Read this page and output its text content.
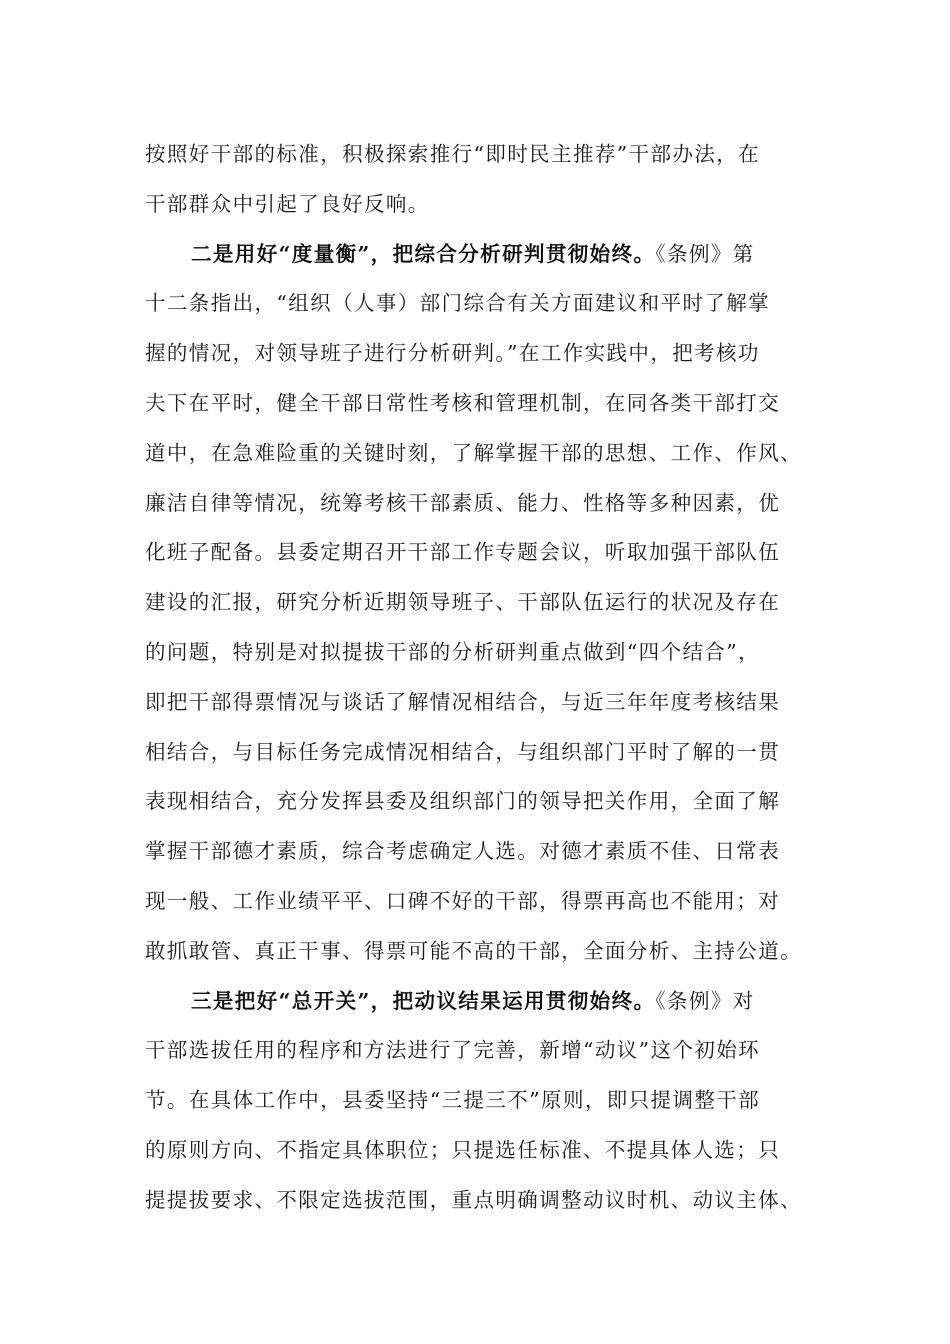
按照好干部的标准，积极探索推行“即时民主推荐”干部办法，在
干部群众中引起了良好反响。
二是用好“度量衡”，把综合分析研判贯彻始终。《条例》第
十二条指出，“组织（人事）部门综合有关方面建议和平时了解掌
握的情况，对领导班子进行分析研判。”在工作实践中，把考核功
夫下在平时，健全干部日常性考核和管理机制，在同各类干部打交
道中，在急难险重的关键时刻，了解掌握干部的思想、工作、作风、
廉洁自律等情况，统筹考核干部素质、能力、性格等多种因素，优
化班子配备。县委定期召开干部工作专题会议，听取加强干部队伍
建设的汇报，研究分析近期领导班子、干部队伍运行的状况及存在
的问题，特别是对拟提拔干部的分析研判重点做到“四个结合”，
即把干部得票情况与谈话了解情况相结合，与近三年年度考核结果
相结合，与目标任务完成情况相结合，与组织部门平时了解的一贯
表现相结合，充分发挥县委及组织部门的领导把关作用，全面了解
掌握干部德才素质，综合考虑确定人选。对德才素质不佳、日常表
现一般、工作业绩平平、口碑不好的干部，得票再高也不能用；对
敢抓敢管、真正干事、得票可能不高的干部，全面分析、主持公道。
三是把好“总开关”，把动议结果运用贯彻始终。《条例》对
干部选拔任用的程序和方法进行了完善，新增“动议”这个初始环
节。在具体工作中，县委坚持“三提三不”原则，即只提调整干部
的原则方向、不指定具体职位；只提选任标准、不提具体人选；只
提提拔要求、不限定选拔范围，重点明确调整动议时机、动议主体、
